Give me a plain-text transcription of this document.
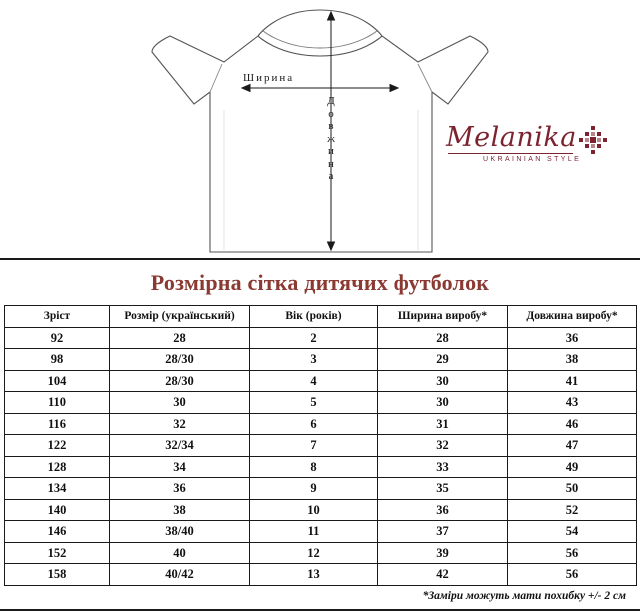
Ширина
Д
о
в
ж
и
н
а
Melanika
UKRAINIAN STYLE
Розмірна сітка дитячих футболок
Зріст	Розмір (український)	Вік (років)	Ширина виробу*	Довжина виробу*
92	28	2	28	36
98	28/30	3	29	38
104	28/30	4	30	41
110	30	5	30	43
116	32	6	31	46
122	32/34	7	32	47
128	34	8	33	49
134	36	9	35	50
140	38	10	36	52
146	38/40	11	37	54
152	40	12	39	56
158	40/42	13	42	56
*Заміри можуть мати похибку +/- 2 см
